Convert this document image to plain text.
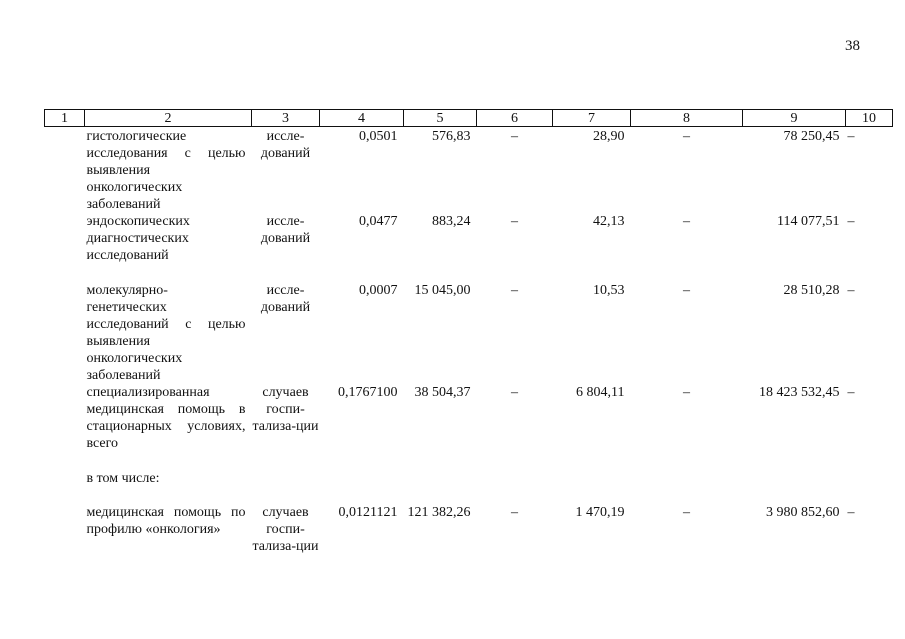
38
1	2	3	4	5	6	7	8	9	10
	гистологические исследования с целью выявления онкологических заболеваний	иссле-дований	0,0501	576,83	–	28,90	–	78 250,45	–
	эндоскопических диагностических исследований	иссле-дований	0,0477	883,24	–	42,13	–	114 077,51	–
	молекулярно-генетических исследований с целью выявления онкологических заболеваний	иссле-дований	0,0007	15 045,00	–	10,53	–	28 510,28	–
	специализированная медицинская помощь в стационарных условиях, всего	случаев госпи-тализа-ции	0,1767100	38 504,37	–	6 804,11	–	18 423 532,45	–
	в том числе:								
	медицинская помощь по профилю «онкология»	случаев госпи-тализа-ции	0,0121121	121 382,26	–	1 470,19	–	3 980 852,60	–
